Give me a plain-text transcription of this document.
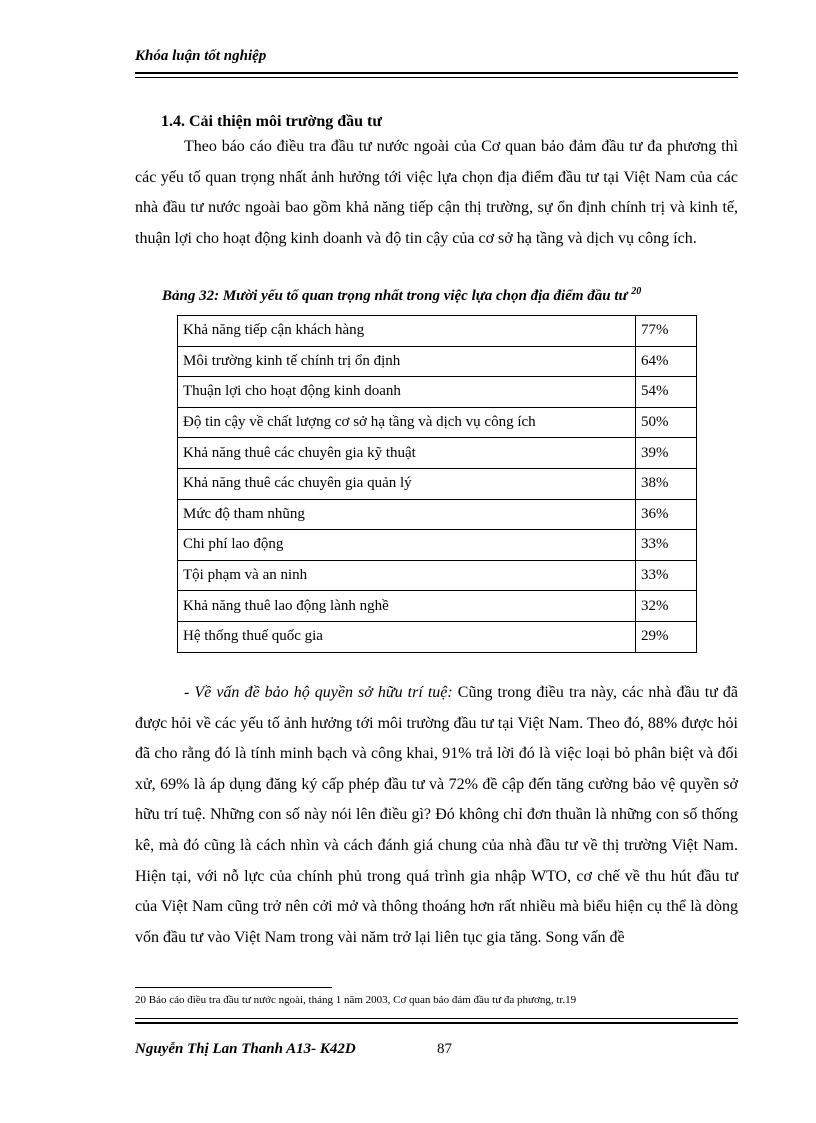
Khóa luận tốt nghiệp
1.4. Cải thiện môi trường đầu tư

Theo báo cáo điều tra đầu tư nước ngoài của Cơ quan bảo đảm đầu tư đa phương thì các yếu tố quan trọng nhất ảnh hưởng tới việc lựa chọn địa điểm đầu tư tại Việt Nam của các nhà đầu tư nước ngoài bao gồm khả năng tiếp cận thị trường, sự ổn định chính trị và kinh tế, thuận lợi cho hoạt động kinh doanh và độ tin cậy của cơ sở hạ tầng và dịch vụ công ích.

Bảng 32: Mười yếu tố quan trọng nhất trong việc lựa chọn địa điểm đầu tư $^{20}$
Khả năng tiếp cận khách hàng	77%
Môi trường kinh tế chính trị ổn định	64%
Thuận lợi cho hoạt động kinh doanh	54%
Độ tin cậy về chất lượng cơ sở hạ tầng và dịch vụ công ích	50%
Khả năng thuê các chuyên gia kỹ thuật	39%
Khả năng thuê các chuyên gia quản lý	38%
Mức độ tham nhũng	36%
Chi phí lao động	33%
Tội phạm và an ninh	33%
Khả năng thuê lao động lành nghề	32%
Hệ thống thuế quốc gia	29%

- Về vấn đề bảo hộ quyền sở hữu trí tuệ: Cũng trong điều tra này, các nhà đầu tư đã được hỏi về các yếu tố ảnh hưởng tới môi trường đầu tư tại Việt Nam. Theo đó, 88% được hỏi đã cho rằng đó là tính minh bạch và công khai, 91% trả lời đó là việc loại bỏ phân biệt và đối xử, 69% là áp dụng đăng ký cấp phép đầu tư và 72% đề cập đến tăng cường bảo vệ quyền sở hữu trí tuệ. Những con số này nói lên điều gì? Đó không chỉ đơn thuần là những con số thống kê, mà đó cũng là cách nhìn và cách đánh giá chung của nhà đầu tư về thị trường Việt Nam. Hiện tại, với nỗ lực của chính phủ trong quá trình gia nhập WTO, cơ chế về thu hút đầu tư của Việt Nam cũng trở nên cởi mở và thông thoáng hơn rất nhiều mà biểu hiện cụ thể là dòng vốn đầu tư vào Việt Nam trong vài năm trở lại liên tục gia tăng. Song vấn đề

20 Báo cáo điều tra đầu tư nước ngoài, tháng 1 năm 2003, Cơ quan bảo đảm đầu tư đa phương, tr.19
Nguyễn Thị Lan Thanh A13- K42D	87
